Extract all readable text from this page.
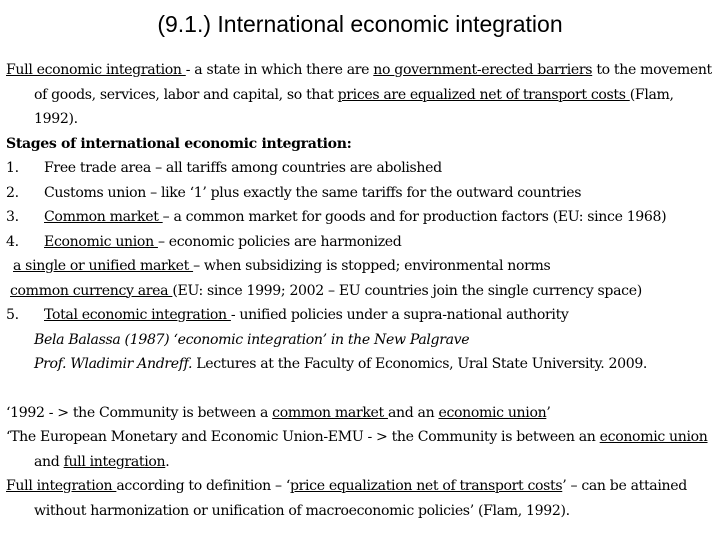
(9.1.) International economic integration

Full economic integration - a state in which there are no government-erected barriers to the movement of goods, services, labor and capital, so that prices are equalized net of transport costs (Flam, 1992).

Stages of international economic integration:

1. Free trade area – all tariffs among countries are abolished

2. Customs union – like ‘1’ plus exactly the same tariffs for the outward countries

3. Common market – a common market for goods and for production factors (EU: since 1968)

4. Economic union – economic policies are harmonized

a single or unified market – when subsidizing is stopped; environmental norms

common currency area (EU: since 1999; 2002 – EU countries join the single currency space)

5. Total economic integration - unified policies under a supra-national authority

Bela Balassa (1987) ‘economic integration’ in the New Palgrave

Prof. Wladimir Andreff. Lectures at the Faculty of Economics, Ural State University. 2009.

‘1992 - > the Community is between a common market and an economic union’

‘The European Monetary and Economic Union-EMU - > the Community is between an economic union and full integration.

Full integration according to definition – ‘price equalization net of transport costs’ – can be attained without harmonization or unification of macroeconomic policies’ (Flam, 1992).
